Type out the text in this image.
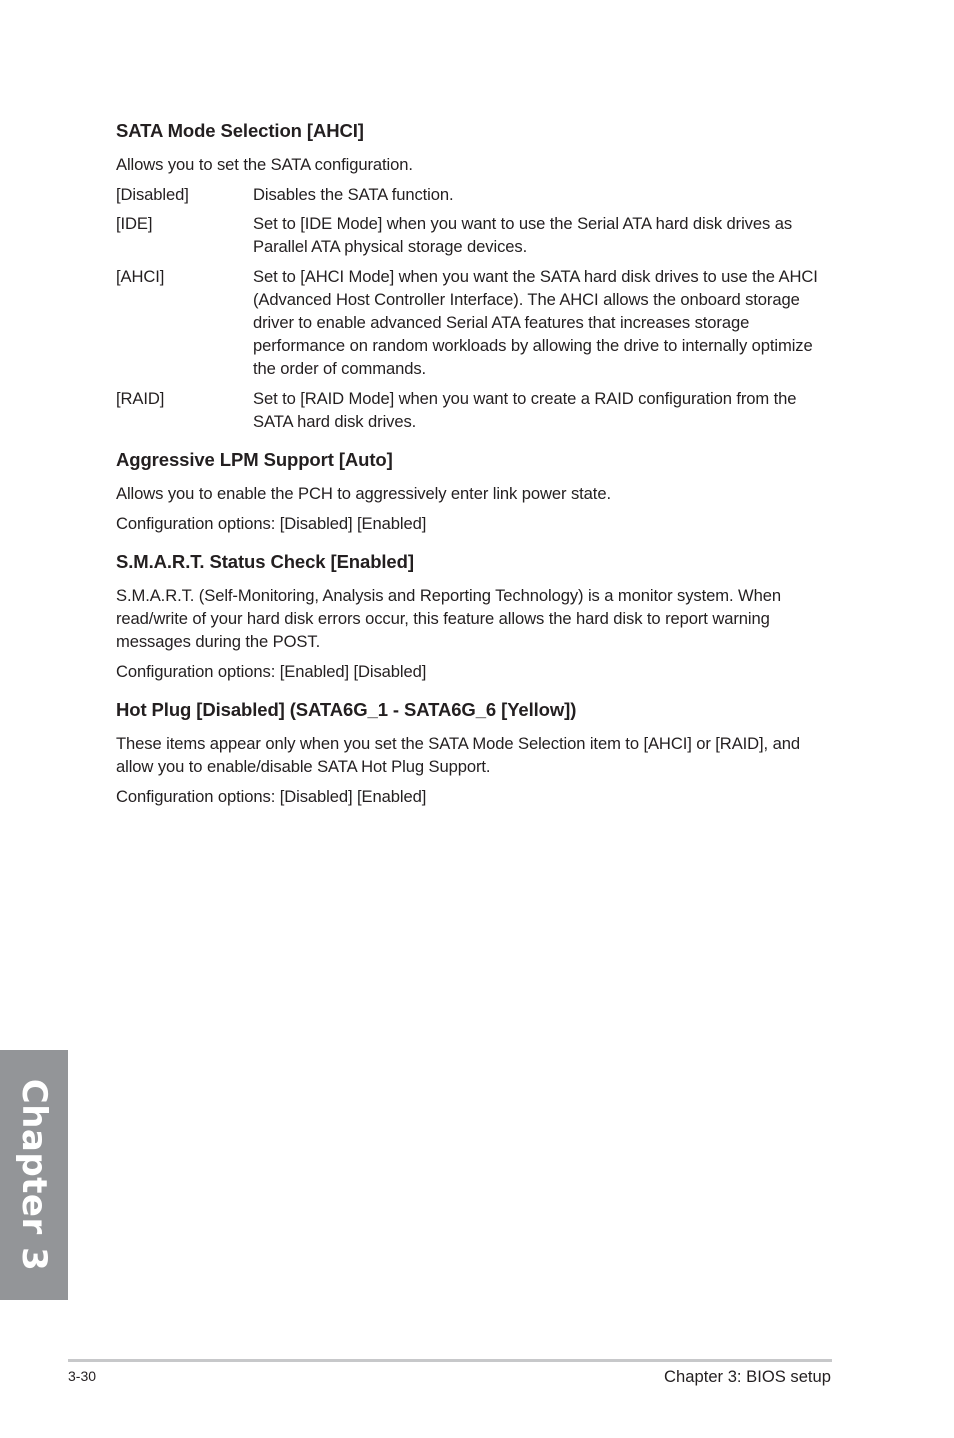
SATA Mode Selection [AHCI]

Allows you to set the SATA configuration.

[Disabled]	Disables the SATA function.
[IDE]	Set to [IDE Mode] when you want to use the Serial ATA hard disk drives as Parallel ATA physical storage devices.
[AHCI]	Set to [AHCI Mode] when you want the SATA hard disk drives to use the AHCI (Advanced Host Controller Interface). The AHCI allows the onboard storage driver to enable advanced Serial ATA features that increases storage performance on random workloads by allowing the drive to internally optimize the order of commands.
[RAID]	Set to [RAID Mode] when you want to create a RAID configuration from the SATA hard disk drives.
Aggressive LPM Support [Auto]

Allows you to enable the PCH to aggressively enter link power state.

Configuration options: [Disabled] [Enabled]

S.M.A.R.T. Status Check [Enabled]

S.M.A.R.T. (Self-Monitoring, Analysis and Reporting Technology) is a monitor system. When read/write of your hard disk errors occur, this feature allows the hard disk to report warning messages during the POST.

Configuration options: [Enabled] [Disabled]

Hot Plug [Disabled] (SATA6G_1 - SATA6G_6 [Yellow])

These items appear only when you set the SATA Mode Selection item to [AHCI] or [RAID], and allow you to enable/disable SATA Hot Plug Support.

Configuration options: [Disabled] [Enabled]

Chapter 3
3-30	Chapter 3: BIOS setup
